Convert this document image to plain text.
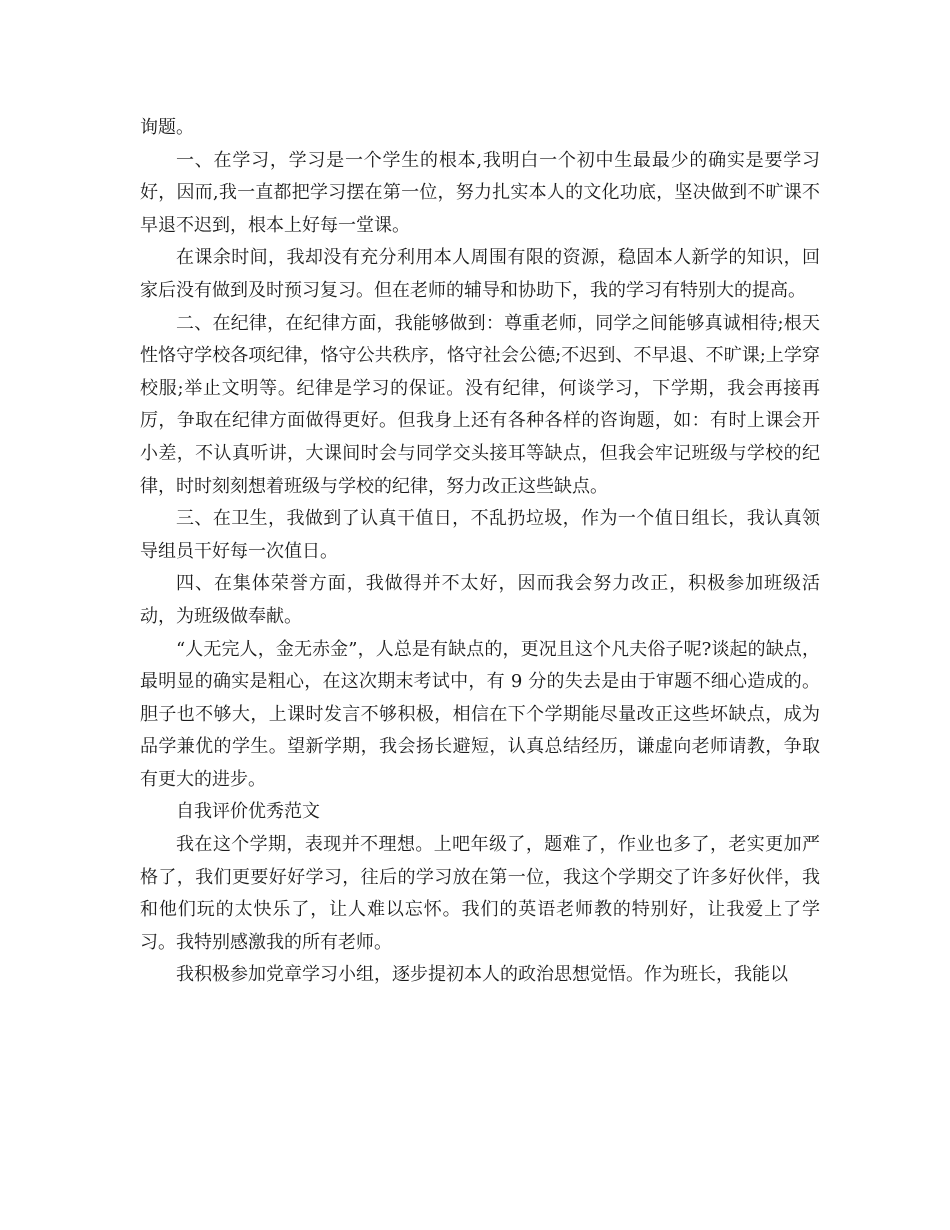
询题。

一、在学习，学习是一个学生的根本,我明白一个初中生最最少的确实是要学习好，因而,我一直都把学习摆在第一位，努力扎实本人的文化功底，坚决做到不旷课不早退不迟到，根本上好每一堂课。

在课余时间，我却没有充分利用本人周围有限的资源，稳固本人新学的知识，回家后没有做到及时预习复习。但在老师的辅导和协助下，我的学习有特别大的提高。

二、在纪律，在纪律方面，我能够做到：尊重老师，同学之间能够真诚相待;根天性恪守学校各项纪律，恪守公共秩序，恪守社会公德;不迟到、不早退、不旷课;上学穿校服;举止文明等。纪律是学习的保证。没有纪律，何谈学习，下学期，我会再接再厉，争取在纪律方面做得更好。但我身上还有各种各样的咨询题，如：有时上课会开小差，不认真听讲，大课间时会与同学交头接耳等缺点，但我会牢记班级与学校的纪律，时时刻刻想着班级与学校的纪律，努力改正这些缺点。

三、在卫生，我做到了认真干值日，不乱扔垃圾，作为一个值日组长，我认真领导组员干好每一次值日。

四、在集体荣誉方面，我做得并不太好，因而我会努力改正，积极参加班级活动，为班级做奉献。

“人无完人，金无赤金”，人总是有缺点的，更况且这个凡夫俗子呢?谈起的缺点，最明显的确实是粗心，在这次期末考试中，有 9 分的失去是由于审题不细心造成的。胆子也不够大，上课时发言不够积极，相信在下个学期能尽量改正这些坏缺点，成为品学兼优的学生。望新学期，我会扬长避短，认真总结经历，谦虚向老师请教，争取有更大的进步。

自我评价优秀范文

我在这个学期，表现并不理想。上吧年级了，题难了，作业也多了，老实更加严格了，我们更要好好学习，往后的学习放在第一位，我这个学期交了许多好伙伴，我和他们玩的太快乐了，让人难以忘怀。我们的英语老师教的特别好，让我爱上了学习。我特别感激我的所有老师。

我积极参加党章学习小组，逐步提初本人的政治思想觉悟。作为班长，我能以
